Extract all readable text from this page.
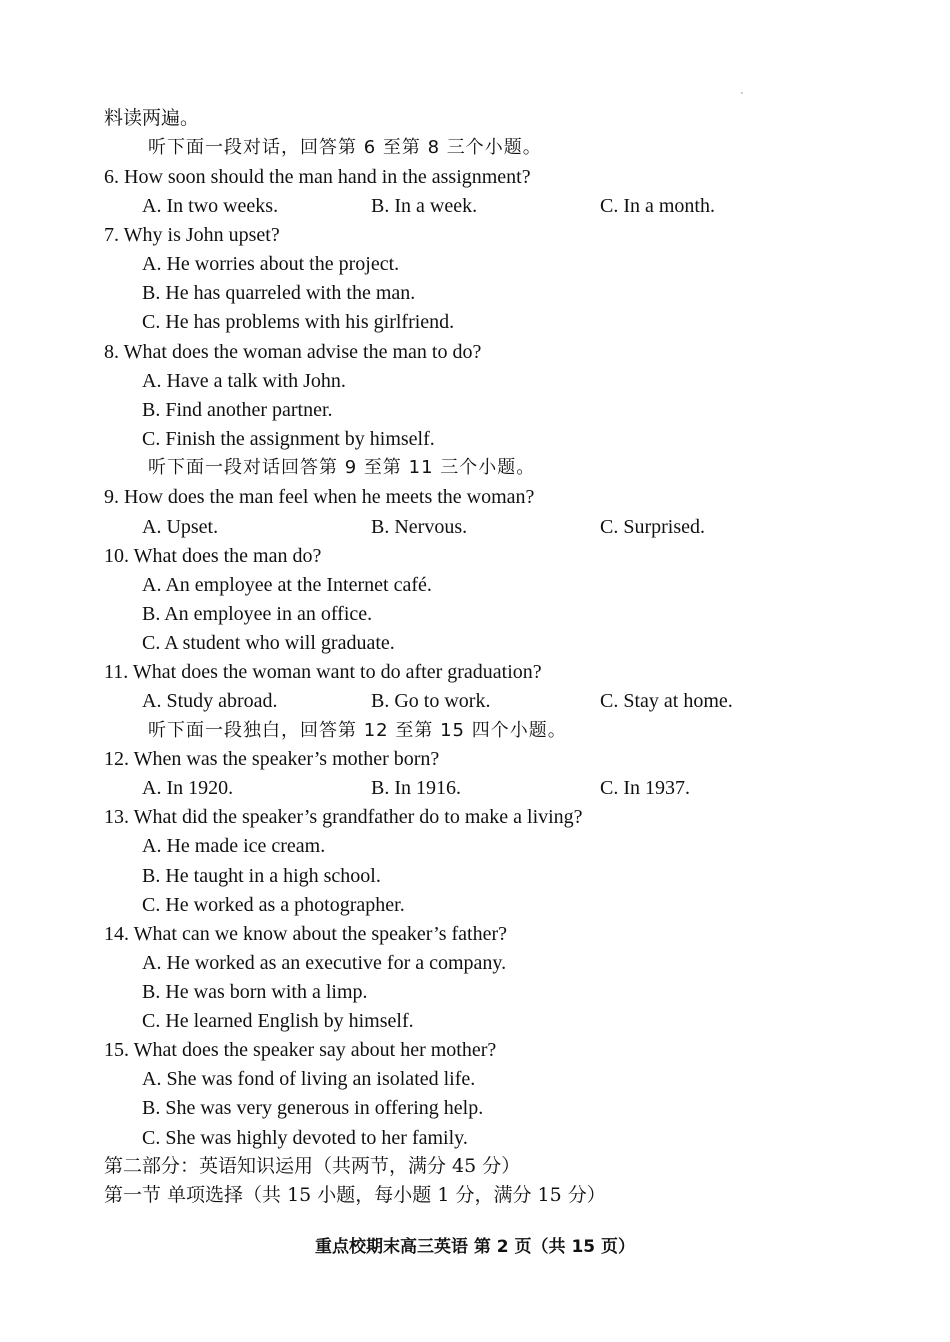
料读两遍。
听下面一段对话，回答第 6 至第 8 三个小题。
6. How soon should the man hand in the assignment?
A. In two weeks.	B. In a week.	C. In a month.
7. Why is John upset?
A. He worries about the project.
B. He has quarreled with the man.
C. He has problems with his girlfriend.
8. What does the woman advise the man to do?
A. Have a talk with John.
B. Find another partner.
C. Finish the assignment by himself.
听下面一段对话回答第 9 至第 11 三个小题。
9. How does the man feel when he meets the woman?
A. Upset.	B. Nervous.	C. Surprised.
10. What does the man do?
A. An employee at the Internet café.
B. An employee in an office.
C. A student who will graduate.
11. What does the woman want to do after graduation?
A. Study abroad.	B. Go to work.	C. Stay at home.
听下面一段独白，回答第 12 至第 15 四个小题。
12. When was the speaker’s mother born?
A. In 1920.	B. In 1916.	C. In 1937.
13. What did the speaker’s grandfather do to make a living?
A. He made ice cream.
B. He taught in a high school.
C. He worked as a photographer.
14. What can we know about the speaker’s father?
A. He worked as an executive for a company.
B. He was born with a limp.
C. He learned English by himself.
15. What does the speaker say about her mother?
A. She was fond of living an isolated life.
B. She was very generous in offering help.
C. She was highly devoted to her family.
第二部分：英语知识运用（共两节，满分 45 分）
第一节 单项选择（共 15 小题，每小题 1 分，满分 15 分）
重点校期末高三英语 第 2 页（共 15 页）
